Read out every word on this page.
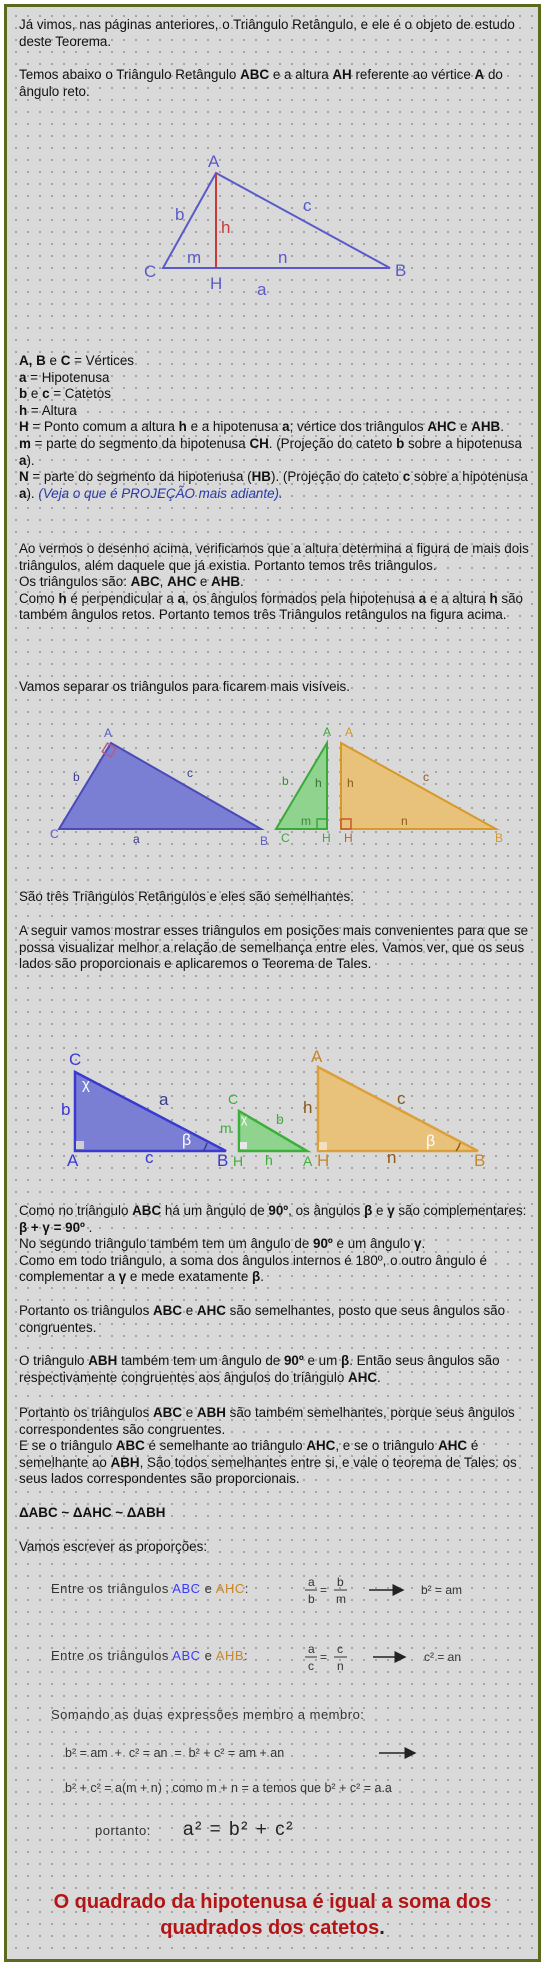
Já vimos, nas páginas anteriores, o Triângulo Retângulo, e ele é o objeto de estudo deste Teorema.

Temos abaixo o Triângulo Retângulo ABC e a altura AH referente ao vértice A do ângulo reto.

A
B
C
H
b	c
h
m	n
a
A, B e C = Vértices
a = Hipotenusa
b e c = Catetos
h = Altura
H = Ponto comum a altura h e a hipotenusa a; vértice dos triângulos AHC e AHB.
m = parte do segmento da hipotenusa CH. (Projeção do cateto b sobre a hipotenusa a).
N = parte do segmento da hipotenusa (HB). (Projeção do cateto c sobre a hipotenusa a). (Veja o que é PROJEÇÃO mais adiante).
Ao vermos o desenho acima, verificamos que a altura determina a figura de mais dois triângulos, além daquele que já existia. Portanto temos três triângulos.
Os triângulos são: ABC, AHC e AHB.
Como h é perpendicular a a, os ângulos formados pela hipotenusa a e a altura h são também ângulos retos. Portanto temos três Triângulos retângulos na figura acima.

Vamos separar os triângulos para ficarem mais visíveis.

A
B
C
b	c
a
A
b h
m
C	H
A
h	c
n
H	B

São três Triângulos Retângulos e eles são semelhantes.

A seguir vamos mostrar esses triângulos em posições mais convenientes para que se possa visualizar melhor a relação de semelhança entre eles. Vamos ver, que os seus lados são proporcionais e aplicaremos o Teorema de Tales.

C
χ
b
a
c
β
A	B
C
χ
m
b
h
H	A
A
h	c
n
β
H	B
Como no triângulo ABC há um ângulo de 90º, os ângulos β e γ são complementares: β + γ = 90º .
No segundo triângulo também tem um ângulo de 90º e um ângulo γ.
Como em todo triângulo, a soma dos ângulos internos é 180º, o outro ângulo é complementar a γ e mede exatamente β.

Portanto os triângulos ABC e AHC são semelhantes, posto que seus ângulos são congruentes.

O triângulo ABH também tem um ângulo de 90º e um β. Então seus ângulos são respectivamente congruentes aos ângulos do triângulo AHC.

Portanto os triângulos ABC e ABH são também semelhantes, porque seus ângulos correspondentes são congruentes.
E se o triângulo ABC é semelhante ao triângulo AHC, e se o triângulo AHC é semelhante ao ABH, São todos semelhantes entre si, e vale o teorema de Tales: os seus lados correspondentes são proporcionais.

ΔABC ~ ΔAHC ~ ΔABH

Vamos escrever as proporções:

Entre os triângulos ABC e AHC:	a
b
=
b
m
b² = am
Entre os triângulos ABC e AHB:	a
c
=
c
n
c² = an
Somando as duas expressões membro a membro:
b² = am  +  c² = an  =  b² + c² = am + an
b² + c² = a(m + n) ; como m + n = a temos que b² + c² = a.a
portanto: a² = b² + c²
O quadrado da hipotenusa é igual a soma dos
quadrados dos catetos.
